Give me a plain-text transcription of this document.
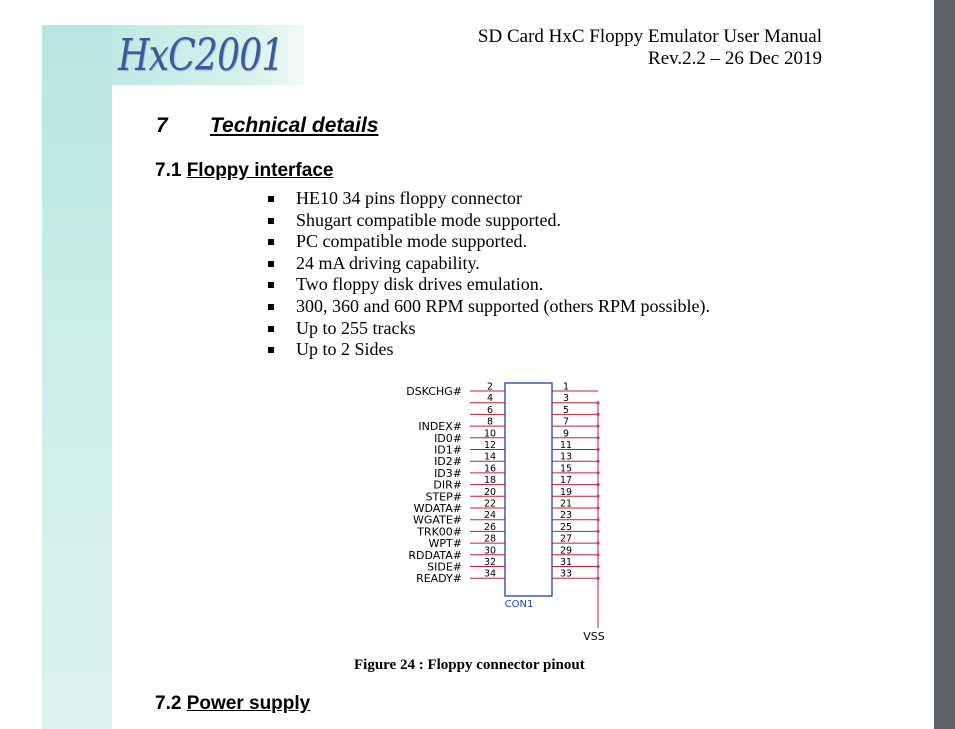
HxC2001	SD Card HxC Floppy Emulator User Manual
Rev.2.2 – 26 Dec 2019
7 Technical details
7.1 Floppy interface
HE10 34 pins floppy connector
Shugart compatible mode supported.
PC compatible mode supported.
24 mA driving capability.
Two floppy disk drives emulation.
300, 360 and 600 RPM supported (others RPM possible).
Up to 255 tracks
Up to 2 Sides
2
4
6
8
10
12
14
16
18
20
22
24
26
28
30
32
34
1
3
5
7
9
11
13
15
17
19
21
23
25
27
29
31
33
VSS
CON1
DSKCHG#
INDEX#
ID0#
ID1#
ID2#
ID3#
DIR#
STEP#
WDATA#
WGATE#
TRK00#
WPT#
RDDATA#
SIDE#
READY#
Figure 24 : Floppy connector pinout
7.2 Power supply
